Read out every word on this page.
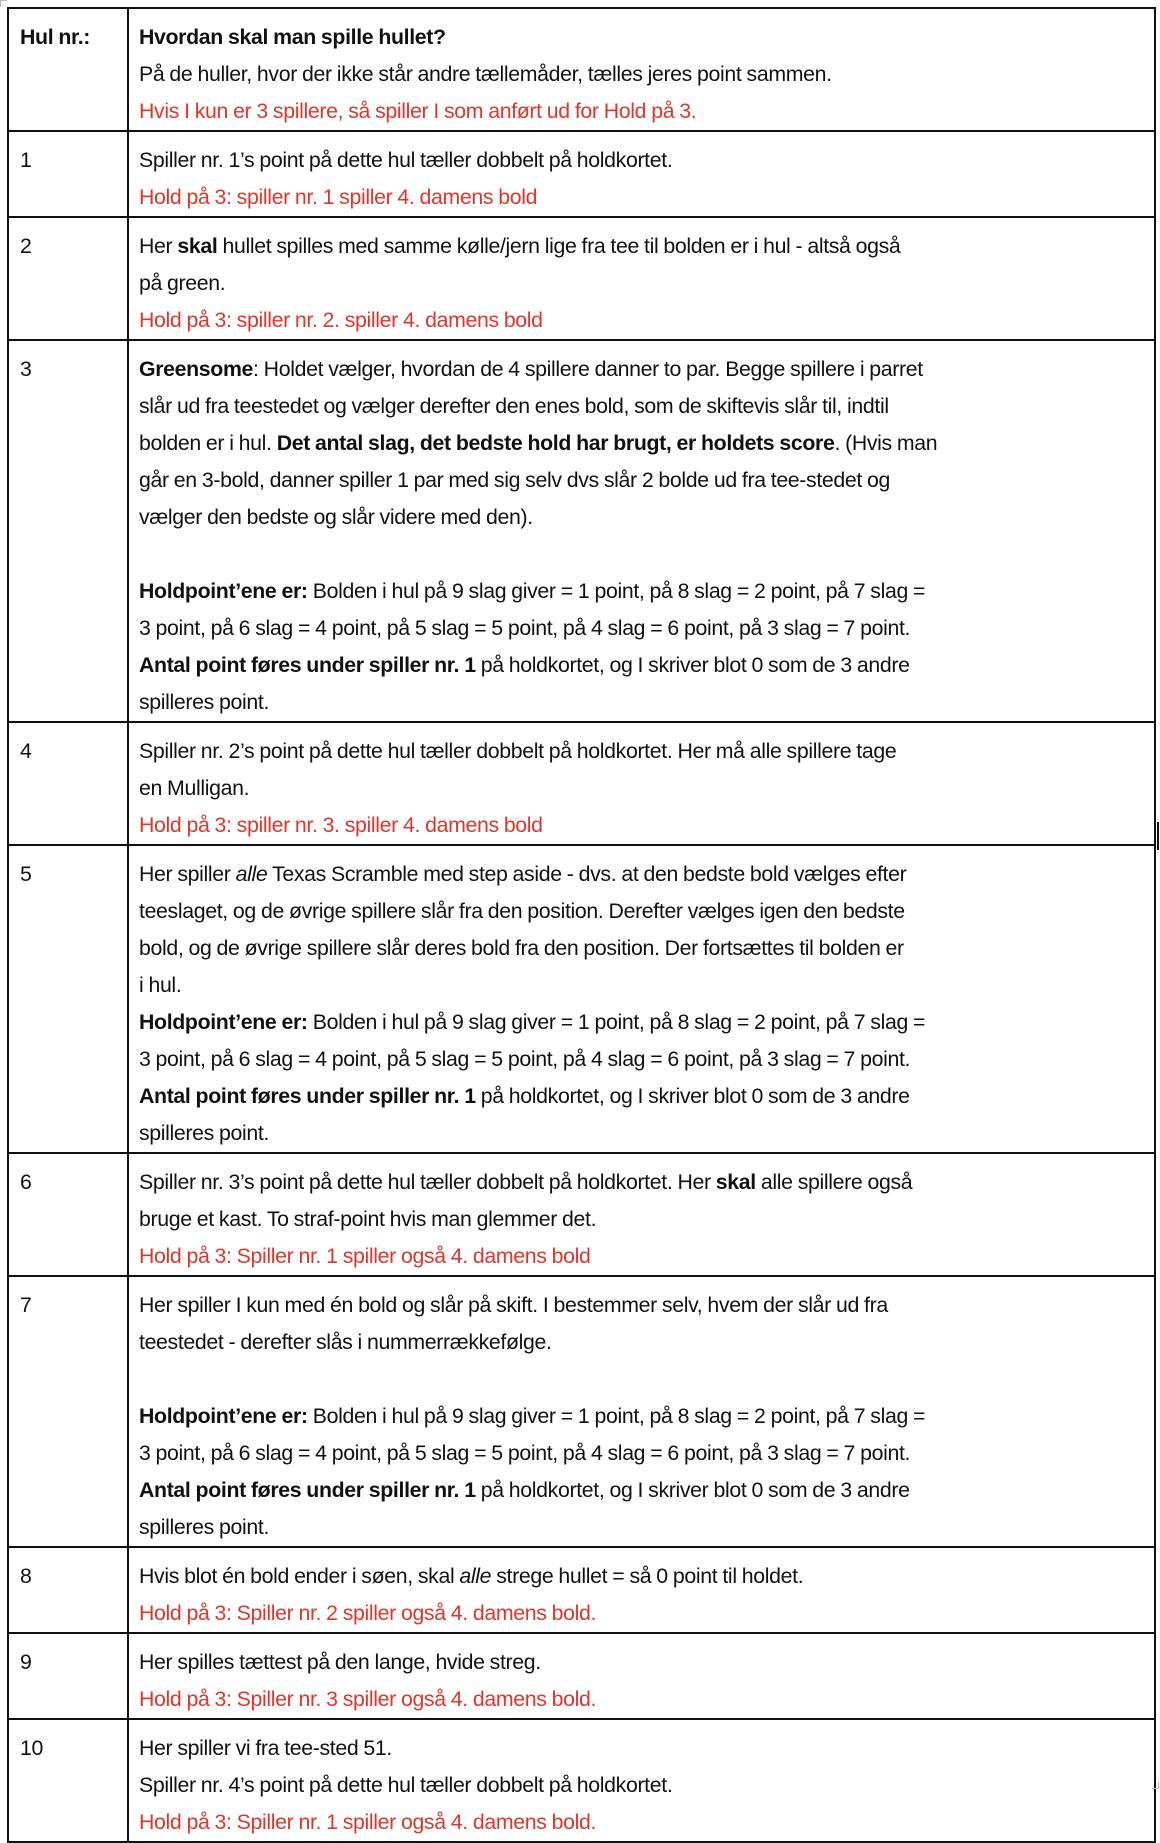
Hul nr.:	Hvordan skal man spille hullet?
På de huller, hvor der ikke står andre tællemåder, tælles jeres point sammen.
Hvis I kun er 3 spillere, så spiller I som anført ud for Hold på 3.

1	Spiller nr. 1’s point på dette hul tæller dobbelt på holdkortet.
Hold på 3: spiller nr. 1 spiller 4. damens bold

2	Her skal hullet spilles med samme kølle/jern lige fra tee til bolden er i hul - altså også
på green.
Hold på 3: spiller nr. 2. spiller 4. damens bold

3	Greensome: Holdet vælger, hvordan de 4 spillere danner to par. Begge spillere i parret
slår ud fra teestedet og vælger derefter den enes bold, som de skiftevis slår til, indtil
bolden er i hul. Det antal slag, det bedste hold har brugt, er holdets score. (Hvis man
går en 3-bold, danner spiller 1 par med sig selv dvs slår 2 bolde ud fra tee-stedet og
vælger den bedste og slår videre med den).
Holdpoint’ene er: Bolden i hul på 9 slag giver = 1 point, på 8 slag = 2 point, på 7 slag =
3 point, på 6 slag = 4 point, på 5 slag = 5 point, på 4 slag = 6 point, på 3 slag = 7 point.
Antal point føres under spiller nr. 1 på holdkortet, og I skriver blot 0 som de 3 andre
spilleres point.

4	Spiller nr. 2’s point på dette hul tæller dobbelt på holdkortet. Her må alle spillere tage
en Mulligan.
Hold på 3: spiller nr. 3. spiller 4. damens bold

5	Her spiller alle Texas Scramble med step aside - dvs. at den bedste bold vælges efter
teeslaget, og de øvrige spillere slår fra den position. Derefter vælges igen den bedste
bold, og de øvrige spillere slår deres bold fra den position. Der fortsættes til bolden er
i hul.
Holdpoint’ene er: Bolden i hul på 9 slag giver = 1 point, på 8 slag = 2 point, på 7 slag =
3 point, på 6 slag = 4 point, på 5 slag = 5 point, på 4 slag = 6 point, på 3 slag = 7 point.
Antal point føres under spiller nr. 1 på holdkortet, og I skriver blot 0 som de 3 andre
spilleres point.

6	Spiller nr. 3’s point på dette hul tæller dobbelt på holdkortet. Her skal alle spillere også
bruge et kast. To straf-point hvis man glemmer det.
Hold på 3: Spiller nr. 1 spiller også 4. damens bold

7	Her spiller I kun med én bold og slår på skift. I bestemmer selv, hvem der slår ud fra
teestedet - derefter slås i nummerrækkefølge.
Holdpoint’ene er: Bolden i hul på 9 slag giver = 1 point, på 8 slag = 2 point, på 7 slag =
3 point, på 6 slag = 4 point, på 5 slag = 5 point, på 4 slag = 6 point, på 3 slag = 7 point.
Antal point føres under spiller nr. 1 på holdkortet, og I skriver blot 0 som de 3 andre
spilleres point.

8	Hvis blot én bold ender i søen, skal alle strege hullet = så 0 point til holdet.
Hold på 3: Spiller nr. 2 spiller også 4. damens bold.

9	Her spilles tættest på den lange, hvide streg.
Hold på 3: Spiller nr. 3 spiller også 4. damens bold.

10	Her spiller vi fra tee-sted 51.
Spiller nr. 4’s point på dette hul tæller dobbelt på holdkortet.
Hold på 3: Spiller nr. 1 spiller også 4. damens bold.
